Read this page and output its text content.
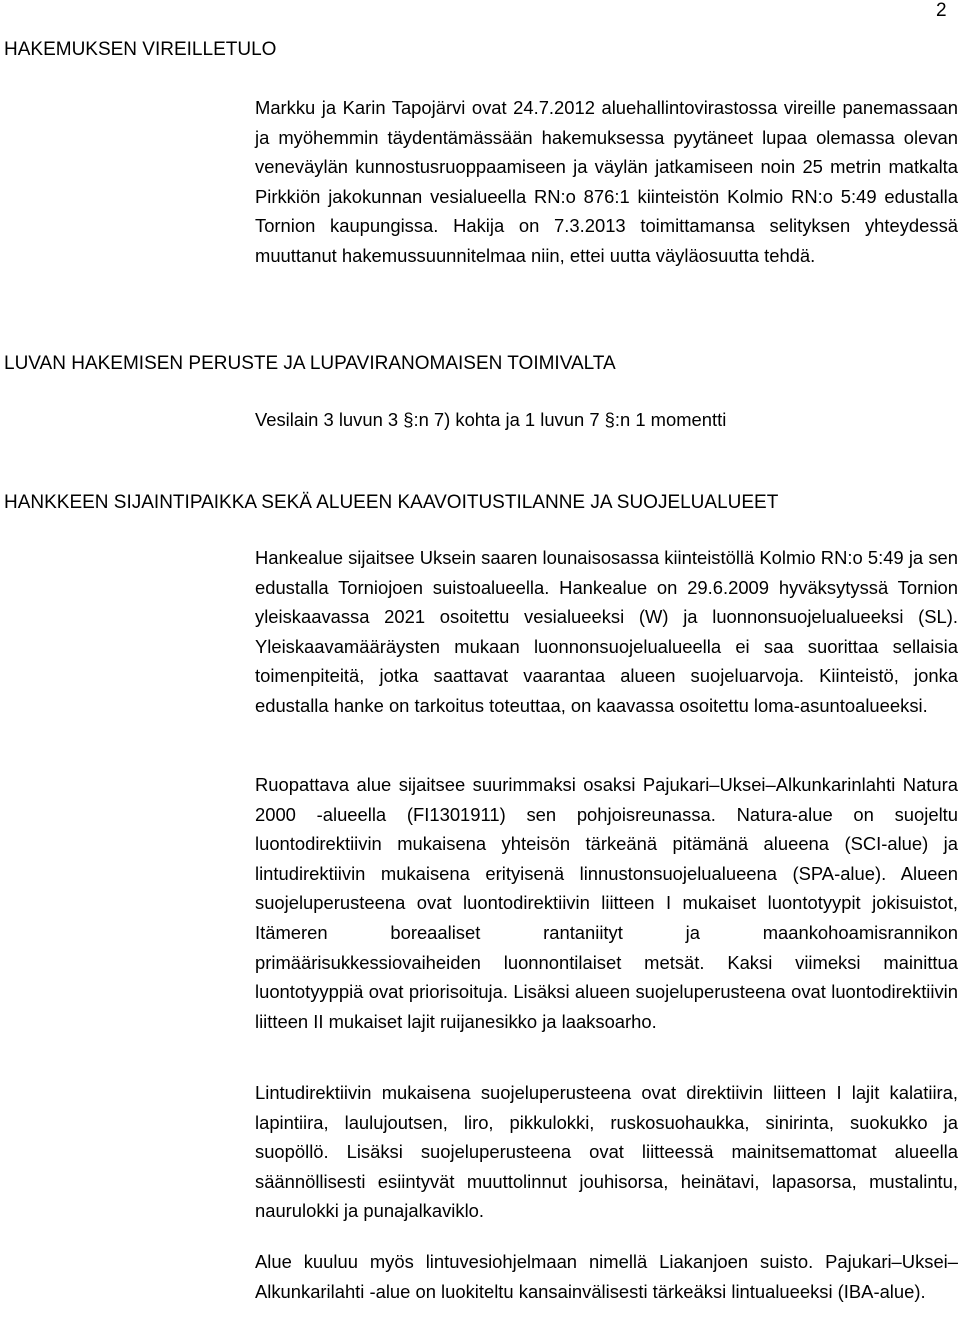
2
HAKEMUKSEN VIREILLETULO

Markku ja Karin Tapojärvi ovat 24.7.2012 aluehallintovirastossa vireille panemassaan ja myöhemmin täydentämässään hakemuksessa pyytäneet lupaa olemassa olevan veneväylän kunnostusruoppaamiseen ja väylän jatkamiseen noin 25 metrin matkalta Pirkkiön jakokunnan vesialueella RN:o 876:1 kiinteistön Kolmio RN:o 5:49 edustalla Tornion kaupungissa. Hakija on 7.3.2013 toimittamansa selityksen yhteydessä muuttanut hakemussuunnitelmaa niin, ettei uutta väyläosuutta tehdä.

LUVAN HAKEMISEN PERUSTE JA LUPAVIRANOMAISEN TOIMIVALTA

Vesilain 3 luvun 3 §:n 7) kohta ja 1 luvun 7 §:n 1 momentti

HANKKEEN SIJAINTIPAIKKA SEKÄ ALUEEN KAAVOITUSTILANNE JA SUOJELUALUEET

Hankealue sijaitsee Uksein saaren lounaisosassa kiinteistöllä Kolmio RN:o 5:49 ja sen edustalla Torniojoen suistoalueella. Hankealue on 29.6.2009 hyväksytyssä Tornion yleiskaavassa 2021 osoitettu vesialueeksi (W) ja luonnonsuojelualueeksi (SL). Yleiskaavamääräysten mukaan luonnonsuojelualueella ei saa suorittaa sellaisia toimenpiteitä, jotka saattavat vaarantaa alueen suojeluarvoja. Kiinteistö, jonka edustalla hanke on tarkoitus toteuttaa, on kaavassa osoitettu loma-asuntoalueeksi.

Ruopattava alue sijaitsee suurimmaksi osaksi Pajukari–Uksei–Alkunkarinlahti Natura 2000 -alueella (FI1301911) sen pohjoisreunassa. Natura-alue on suojeltu luontodirektiivin mukaisena yhteisön tärkeänä pitämänä alueena (SCI-alue) ja lintudirektiivin mukaisena erityisenä linnustonsuojelualueena (SPA-alue). Alueen suojeluperusteena ovat luontodirektiivin liitteen I mukaiset luontotyypit jokisuistot, Itämeren boreaaliset rantaniityt ja maankohoamisrannikon primäärisukkessiovaiheiden luonnontilaiset metsät. Kaksi viimeksi mainittua luontotyyppiä ovat priorisoituja. Lisäksi alueen suojeluperusteena ovat luontodirektiivin liitteen II mukaiset lajit ruijanesikko ja laaksoarho.

Lintudirektiivin mukaisena suojeluperusteena ovat direktiivin liitteen I lajit kalatiira, lapintiira, laulujoutsen, liro, pikkulokki, ruskosuohaukka, sinirinta, suokukko ja suopöllö. Lisäksi suojeluperusteena ovat liitteessä mainitsemattomat alueella säännöllisesti esiintyvät muuttolinnut jouhisorsa, heinätavi, lapasorsa, mustalintu, naurulokki ja punajalkaviklo.

Alue kuuluu myös lintuvesiohjelmaan nimellä Liakanjoen suisto. Pajukari–Uksei–Alkunkarilahti -alue on luokiteltu kansainvälisesti tärkeäksi lintualueeksi (IBA-alue).
